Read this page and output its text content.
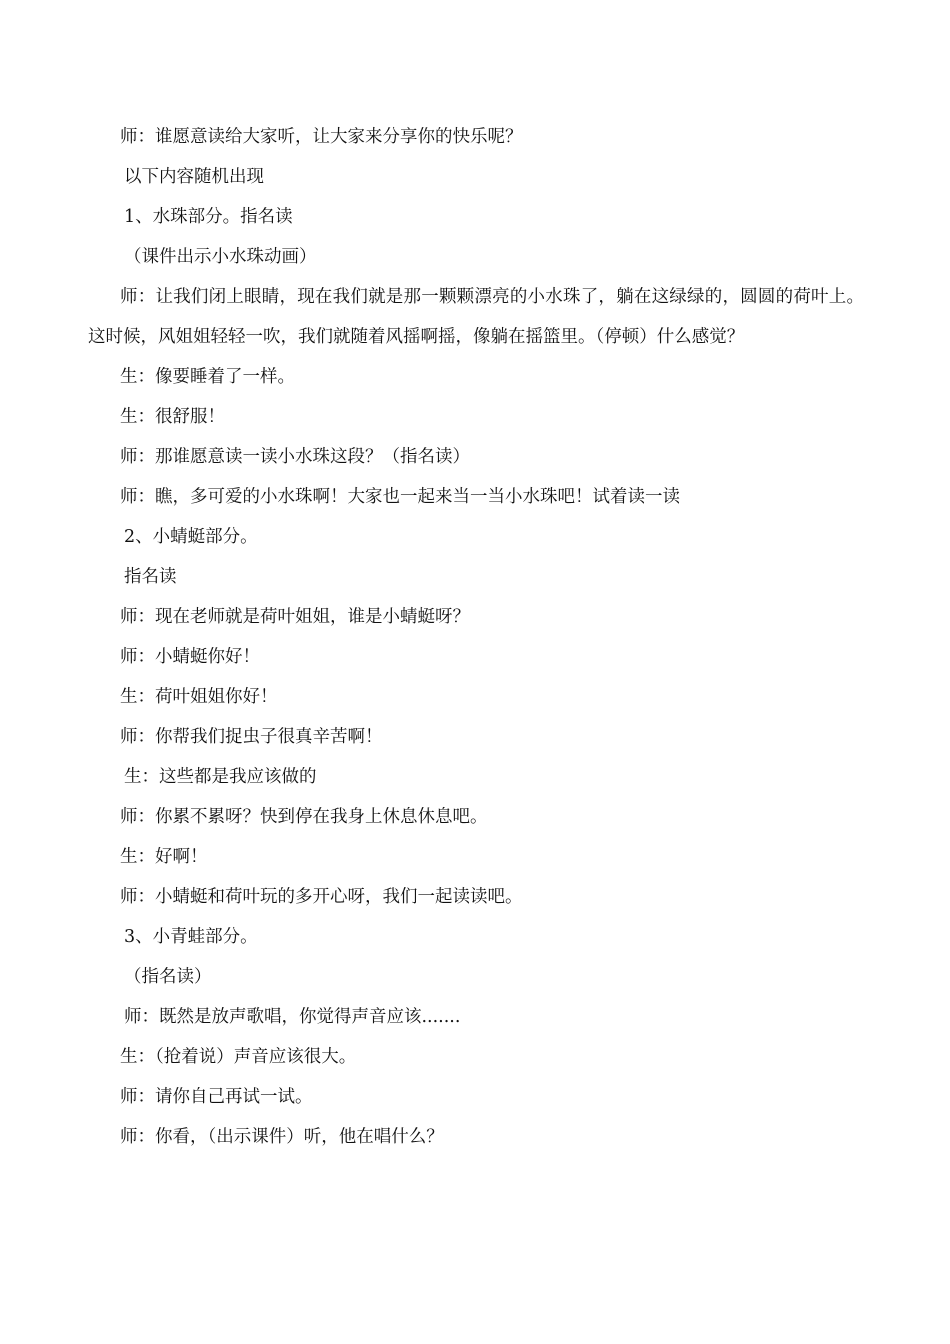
师：谁愿意读给大家听，让大家来分享你的快乐呢？

以下内容随机出现

1、水珠部分。指名读

（课件出示小水珠动画）

师：让我们闭上眼睛，现在我们就是那一颗颗漂亮的小水珠了，躺在这绿绿的，圆圆的荷叶上。这时候，风姐姐轻轻一吹，我们就随着风摇啊摇，像躺在摇篮里。（停顿）什么感觉？

生：像要睡着了一样。

生：很舒服！

师：那谁愿意读一读小水珠这段？（指名读）

师：瞧，多可爱的小水珠啊！大家也一起来当一当小水珠吧！试着读一读

2、小蜻蜓部分。

指名读

师：现在老师就是荷叶姐姐，谁是小蜻蜓呀？

师：小蜻蜓你好！

生：荷叶姐姐你好！

师：你帮我们捉虫子很真辛苦啊！

生：这些都是我应该做的

师：你累不累呀？快到停在我身上休息休息吧。

生：好啊！

师：小蜻蜓和荷叶玩的多开心呀，我们一起读读吧。

3、小青蛙部分。

（指名读）

师：既然是放声歌唱，你觉得声音应该.......

生：（抢着说）声音应该很大。

师：请你自己再试一试。

师：你看，（出示课件）听，他在唱什么？
